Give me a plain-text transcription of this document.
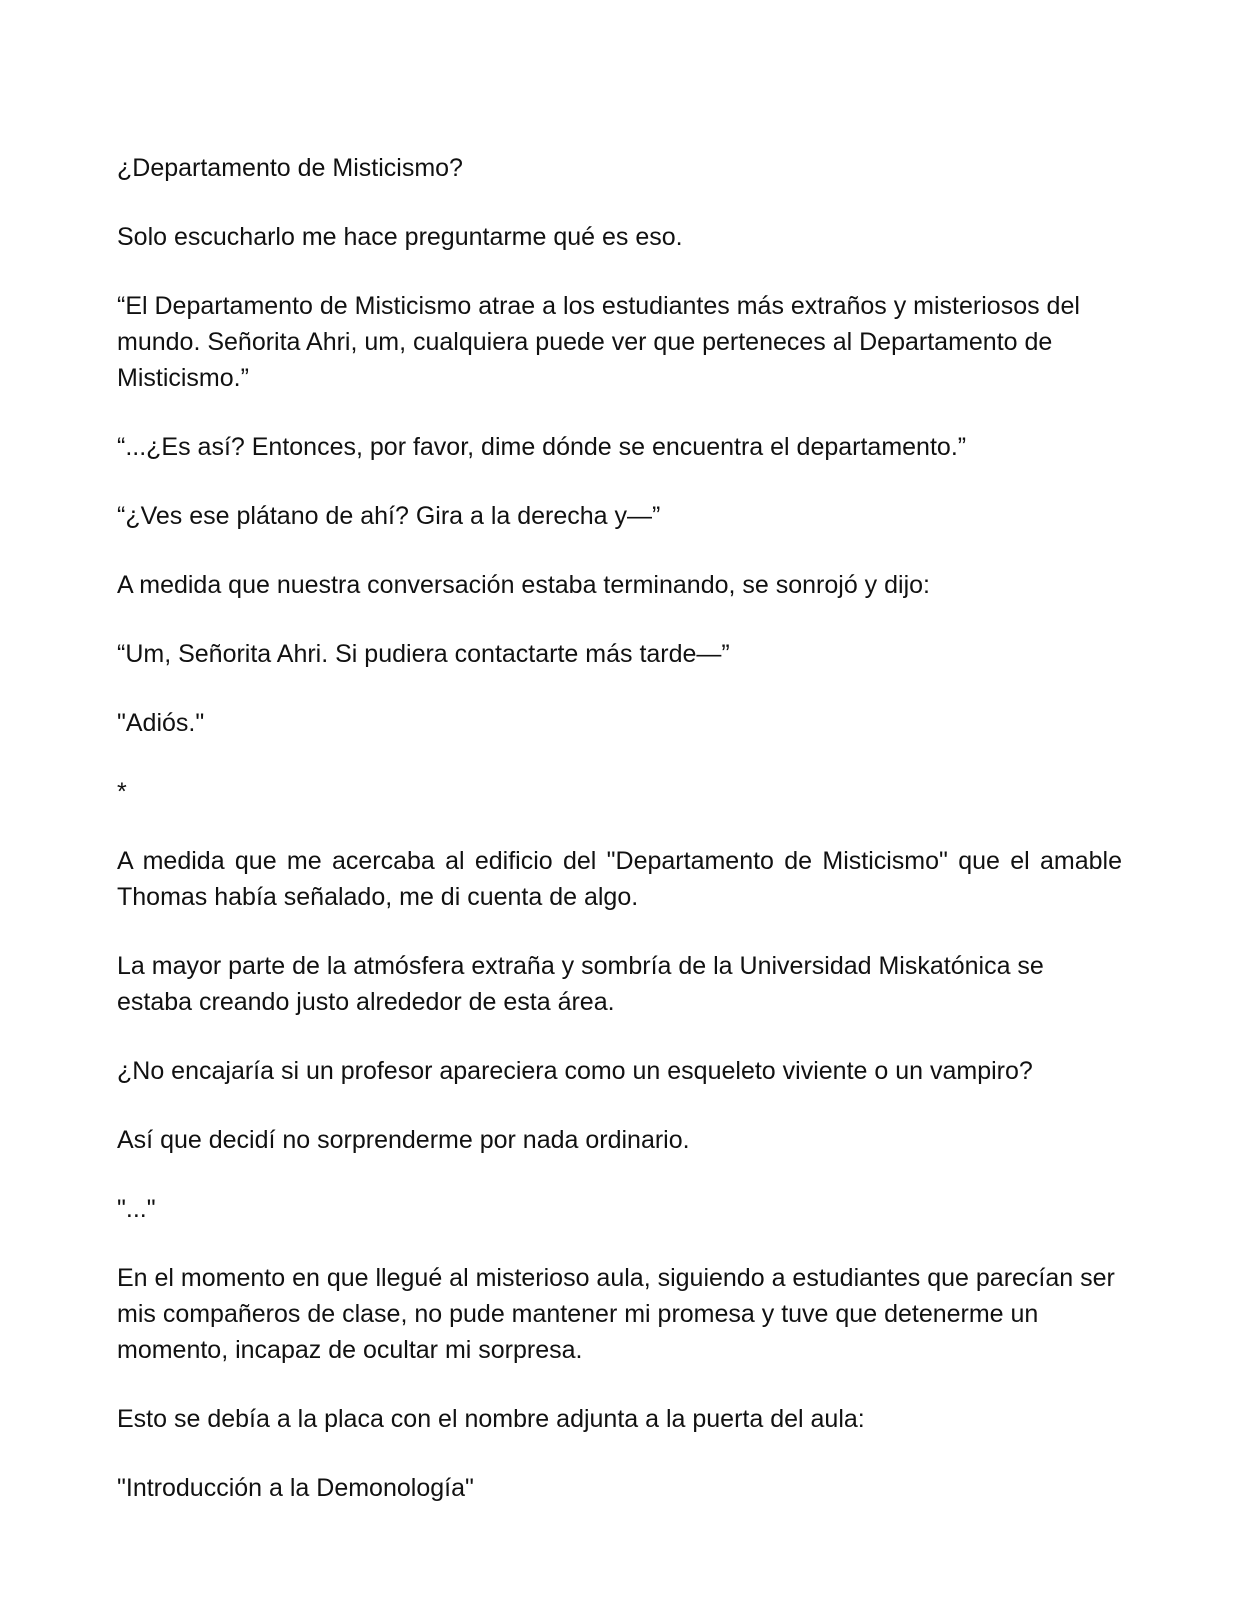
¿Departamento de Misticismo?

Solo escucharlo me hace preguntarme qué es eso.

“El Departamento de Misticismo atrae a los estudiantes más extraños y misteriosos del mundo. Señorita Ahri, um, cualquiera puede ver que perteneces al Departamento de Misticismo.”

“...¿Es así? Entonces, por favor, dime dónde se encuentra el departamento.”

“¿Ves ese plátano de ahí? Gira a la derecha y—”

A medida que nuestra conversación estaba terminando, se sonrojó y dijo:

“Um, Señorita Ahri. Si pudiera contactarte más tarde—”

"Adiós."

*

A medida que me acercaba al edificio del "Departamento de Misticismo" que el amable Thomas había señalado, me di cuenta de algo.

La mayor parte de la atmósfera extraña y sombría de la Universidad Miskatónica se estaba creando justo alrededor de esta área.

¿No encajaría si un profesor apareciera como un esqueleto viviente o un vampiro?

Así que decidí no sorprenderme por nada ordinario.

"..."

En el momento en que llegué al misterioso aula, siguiendo a estudiantes que parecían ser mis compañeros de clase, no pude mantener mi promesa y tuve que detenerme un momento, incapaz de ocultar mi sorpresa.

Esto se debía a la placa con el nombre adjunta a la puerta del aula:

"Introducción a la Demonología"
